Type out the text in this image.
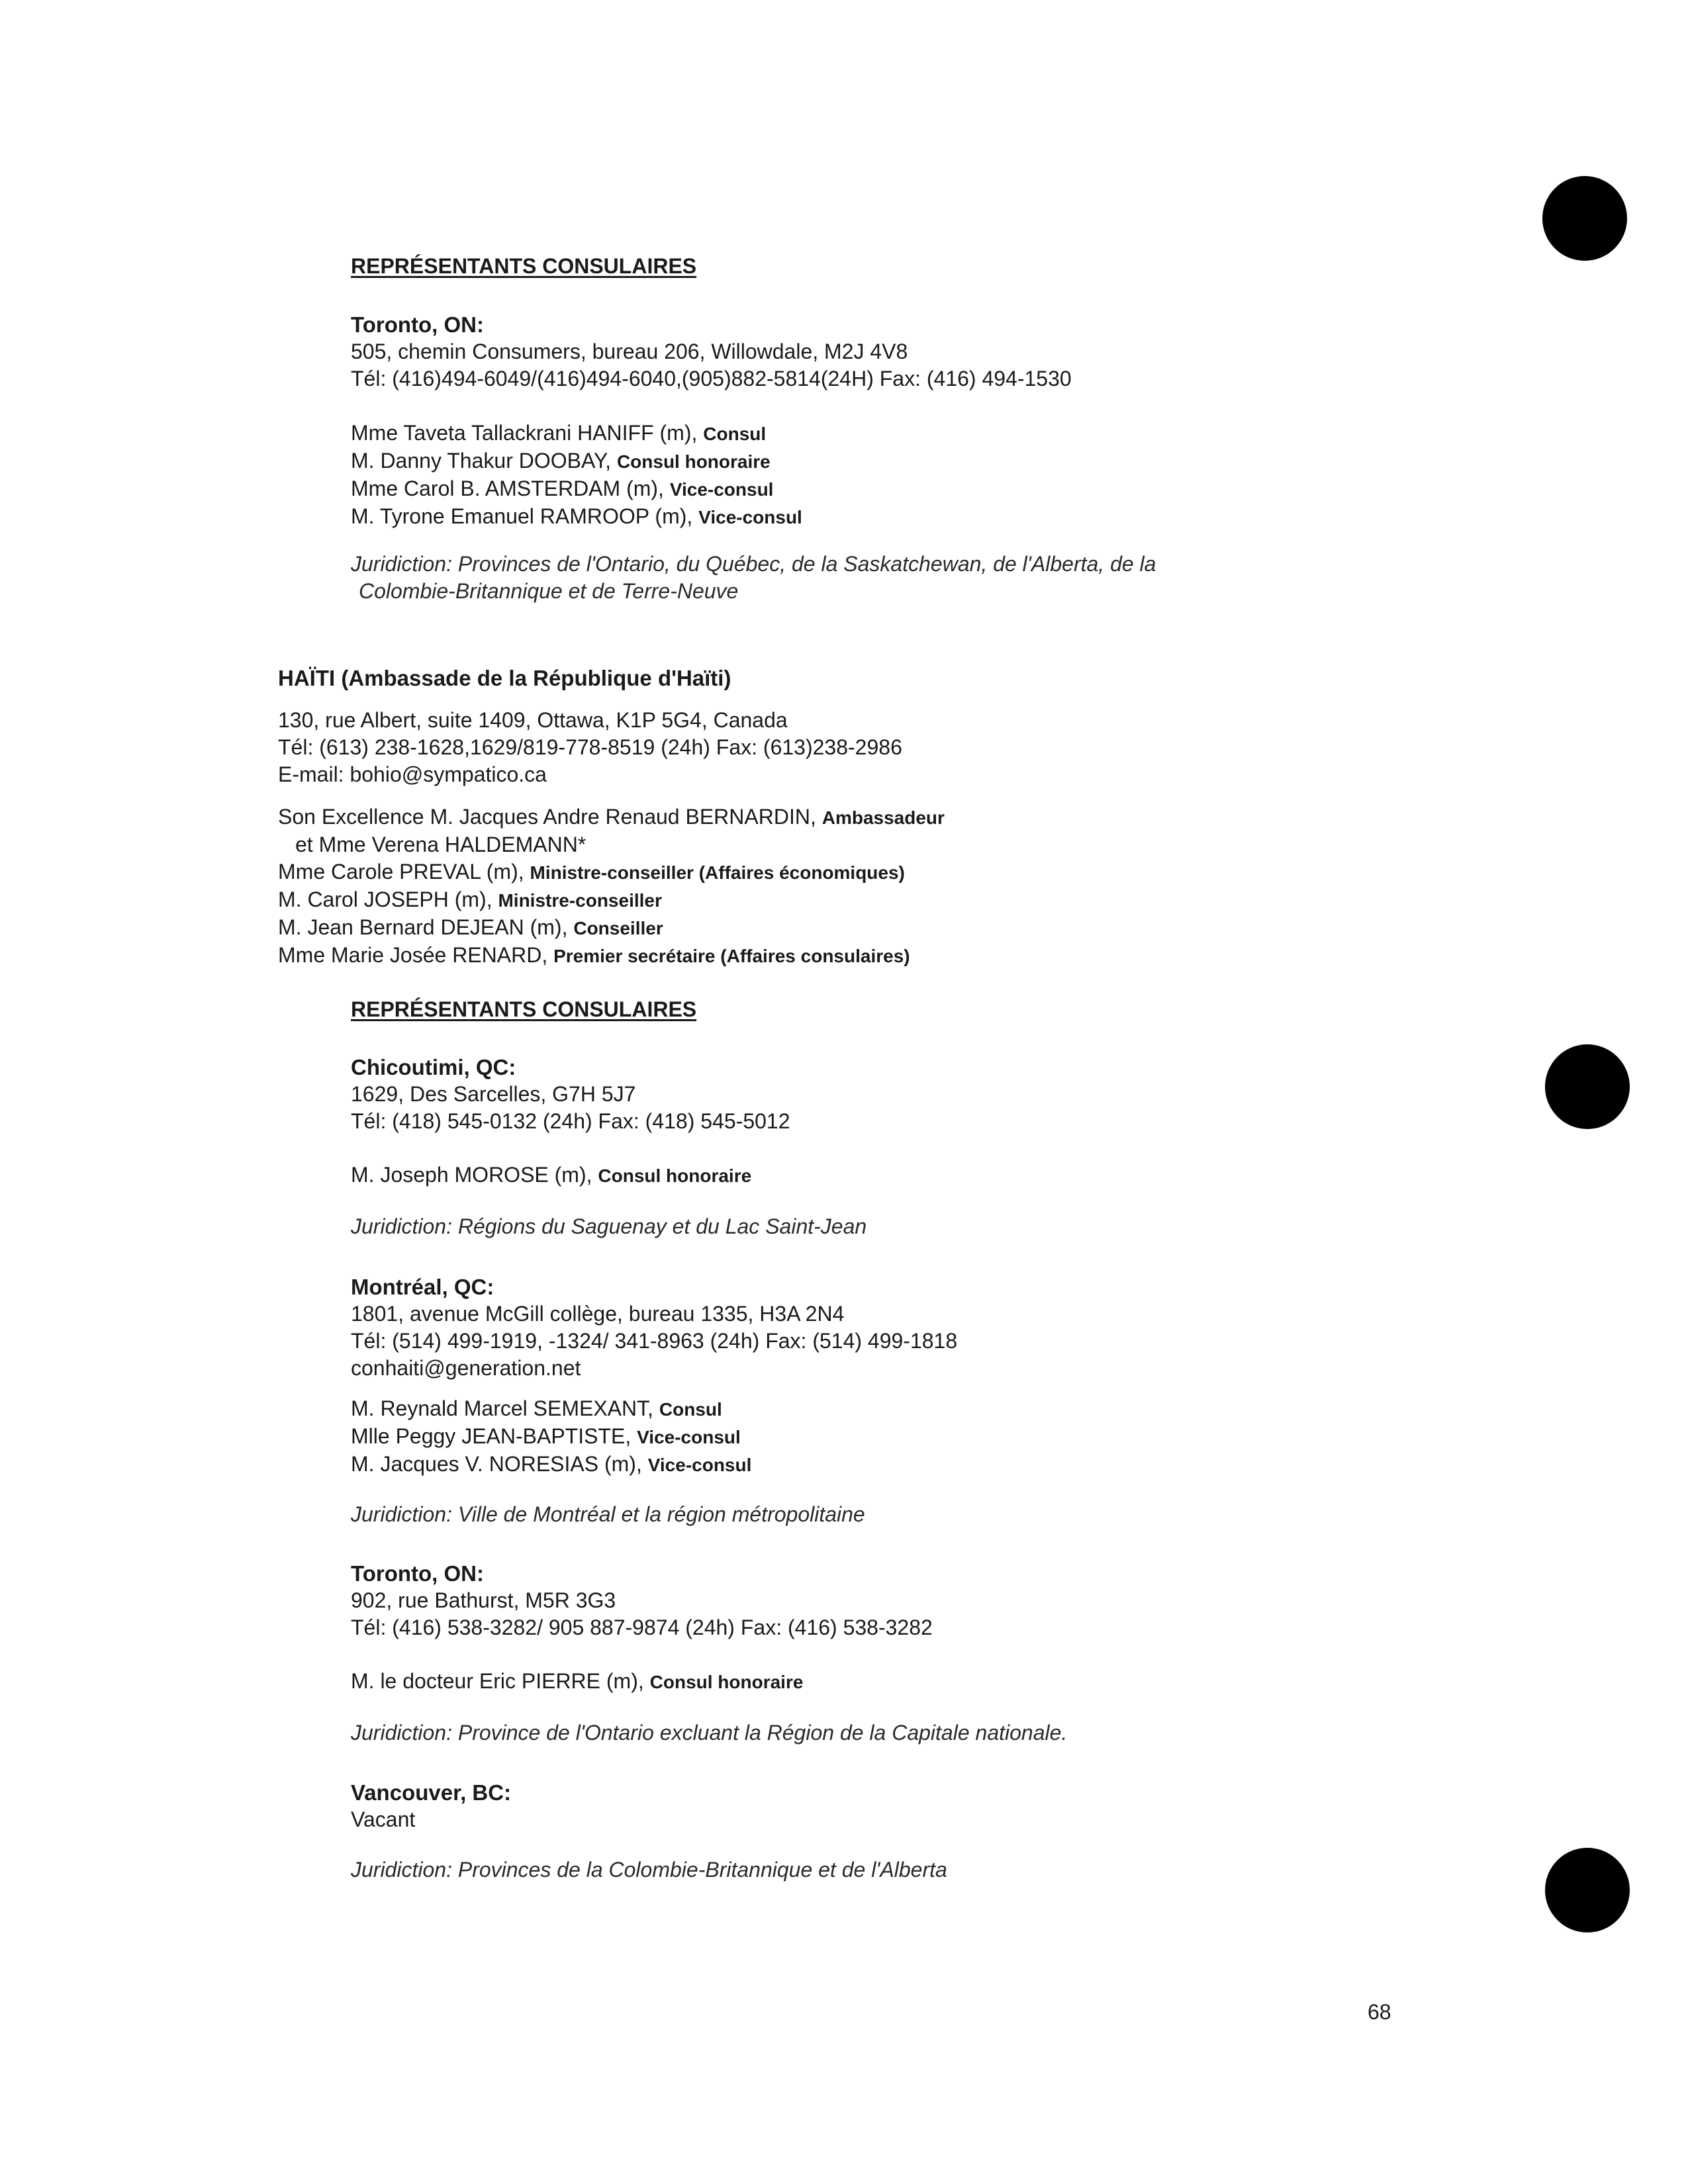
REPRÉSENTANTS CONSULAIRES
Toronto, ON:
505, chemin Consumers, bureau 206, Willowdale, M2J 4V8
Tél: (416)494-6049/(416)494-6040,(905)882-5814(24H) Fax: (416) 494-1530
Mme Taveta Tallackrani HANIFF (m), Consul
M. Danny Thakur DOOBAY, Consul honoraire
Mme Carol B. AMSTERDAM (m), Vice-consul
M. Tyrone Emanuel RAMROOP (m), Vice-consul
Juridiction: Provinces de l'Ontario, du Québec, de la Saskatchewan, de l'Alberta, de la
Colombie-Britannique et de Terre-Neuve
HAÏTI (Ambassade de la République d'Haïti)
130, rue Albert, suite 1409, Ottawa, K1P 5G4, Canada
Tél: (613) 238-1628,1629/819-778-8519 (24h) Fax: (613)238-2986
E-mail: bohio@sympatico.ca
Son Excellence M. Jacques Andre Renaud BERNARDIN, Ambassadeur
et Mme Verena HALDEMANN*
Mme Carole PREVAL (m), Ministre-conseiller (Affaires économiques)
M. Carol JOSEPH (m), Ministre-conseiller
M. Jean Bernard DEJEAN (m), Conseiller
Mme Marie Josée RENARD, Premier secrétaire (Affaires consulaires)
REPRÉSENTANTS CONSULAIRES
Chicoutimi, QC:
1629, Des Sarcelles, G7H 5J7
Tél: (418) 545-0132 (24h) Fax: (418) 545-5012
M. Joseph MOROSE (m), Consul honoraire
Juridiction: Régions du Saguenay et du Lac Saint-Jean
Montréal, QC:
1801, avenue McGill collège, bureau 1335, H3A 2N4
Tél: (514) 499-1919, -1324/ 341-8963 (24h) Fax: (514) 499-1818
conhaiti@generation.net
M. Reynald Marcel SEMEXANT, Consul
Mlle Peggy JEAN-BAPTISTE, Vice-consul
M. Jacques V. NORESIAS (m), Vice-consul
Juridiction: Ville de Montréal et la région métropolitaine
Toronto, ON:
902, rue Bathurst, M5R 3G3
Tél: (416) 538-3282/ 905 887-9874 (24h) Fax: (416) 538-3282
M. le docteur Eric PIERRE (m), Consul honoraire
Juridiction: Province de l'Ontario excluant la Région de la Capitale nationale.
Vancouver, BC:
Vacant
Juridiction: Provinces de la Colombie-Britannique et de l'Alberta
68
